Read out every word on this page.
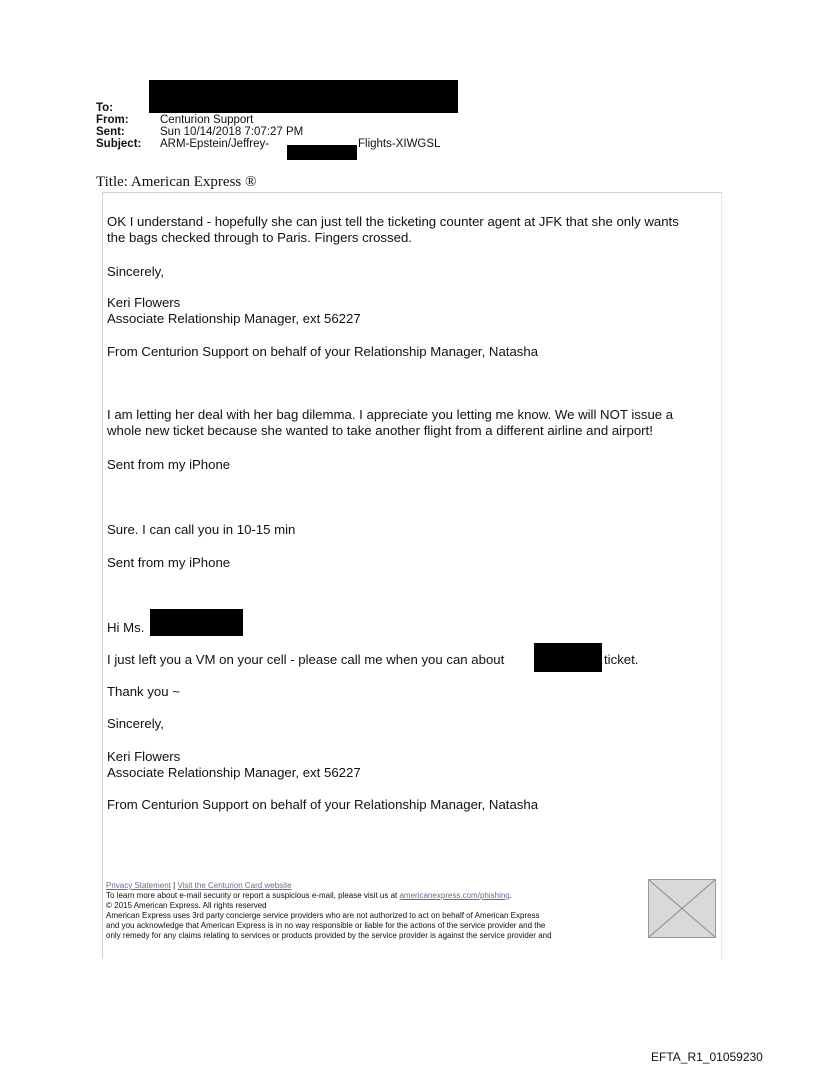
To:
From:	Centurion Support
Sent:	Sun 10/14/2018 7:07:27 PM
Subject: ARM-Epstein/Jeffrey-	Flights-XIWGSL
Title: American Express ®
OK I understand - hopefully she can just tell the ticketing counter agent at JFK that she only wants
the bags checked through to Paris. Fingers crossed.
Sincerely,
Keri Flowers
Associate Relationship Manager, ext 56227
From Centurion Support on behalf of your Relationship Manager, Natasha
I am letting her deal with her bag dilemma. I appreciate you letting me know. We will NOT issue a
whole new ticket because she wanted to take another flight from a different airline and airport!
Sent from my iPhone
Sure. I can call you in 10-15 min
Sent from my iPhone
Hi Ms.
I just left you a VM on your cell - please call me when you can about	ticket.
Thank you ~
Sincerely,
Keri Flowers
Associate Relationship Manager, ext 56227
From Centurion Support on behalf of your Relationship Manager, Natasha
Privacy Statement | Visit the Centurion Card website
To learn more about e-mail security or report a suspicious e-mail, please visit us at americanexpress.com/phishing.
© 2015 American Express. All rights reserved
American Express uses 3rd party concierge service providers who are not authorized to act on behalf of American Express
and you acknowledge that American Express is in no way responsible or liable for the actions of the service provider and the
only remedy for any claims relating to services or products provided by the service provider is against the service provider and
EFTA_R1_01059230
